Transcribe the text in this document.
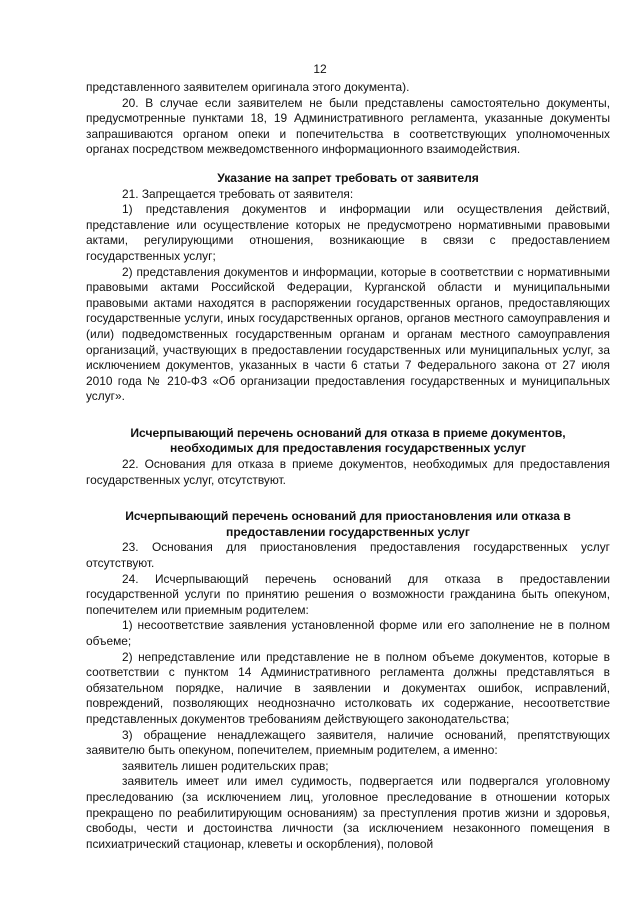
12

представленного заявителем оригинала этого документа).

20. В случае если заявителем не были представлены самостоятельно документы, предусмотренные пунктами 18, 19 Административного регламента, указанные документы запрашиваются органом опеки и попечительства в соответствующих уполномоченных органах посредством межведомственного информационного взаимодействия.

Указание на запрет требовать от заявителя

21. Запрещается требовать от заявителя:

1) представления документов и информации или осуществления действий, представление или осуществление которых не предусмотрено нормативными правовыми актами, регулирующими отношения, возникающие в связи с предоставлением государственных услуг;

2) представления документов и информации, которые в соответствии с нормативными правовыми актами Российской Федерации, Курганской области и муниципальными правовыми актами находятся в распоряжении государственных органов, предоставляющих государственные услуги, иных государственных органов, органов местного самоуправления и (или) подведомственных государственным органам и органам местного самоуправления организаций, участвующих в предоставлении государственных или муниципальных услуг, за исключением документов, указанных в части 6 статьи 7 Федерального закона от 27 июля 2010 года № 210-ФЗ «Об организации предоставления государственных и муниципальных услуг».

Исчерпывающий перечень оснований для отказа в приеме документов,
необходимых для предоставления государственных услуг

22. Основания для отказа в приеме документов, необходимых для предоставления государственных услуг, отсутствуют.

Исчерпывающий перечень оснований для приостановления или отказа в
предоставлении государственных услуг

23. Основания для приостановления предоставления государственных услуг отсутствуют.

24. Исчерпывающий перечень оснований для отказа в предоставлении государственной услуги по принятию решения о возможности гражданина быть опекуном, попечителем или приемным родителем:

1) несоответствие заявления установленной форме или его заполнение не в полном объеме;

2) непредставление или представление не в полном объеме документов, которые в соответствии с пунктом 14 Административного регламента должны представляться в обязательном порядке, наличие в заявлении и документах ошибок, исправлений, повреждений, позволяющих неоднозначно истолковать их содержание, несоответствие представленных документов требованиям действующего законодательства;

3) обращение ненадлежащего заявителя, наличие оснований, препятствующих заявителю быть опекуном, попечителем, приемным родителем, а именно:

заявитель лишен родительских прав;

заявитель имеет или имел судимость, подвергается или подвергался уголовному преследованию (за исключением лиц, уголовное преследование в отношении которых прекращено по реабилитирующим основаниям) за преступления против жизни и здоровья, свободы, чести и достоинства личности (за исключением незаконного помещения в психиатрический стационар, клеветы и оскорбления), половой
